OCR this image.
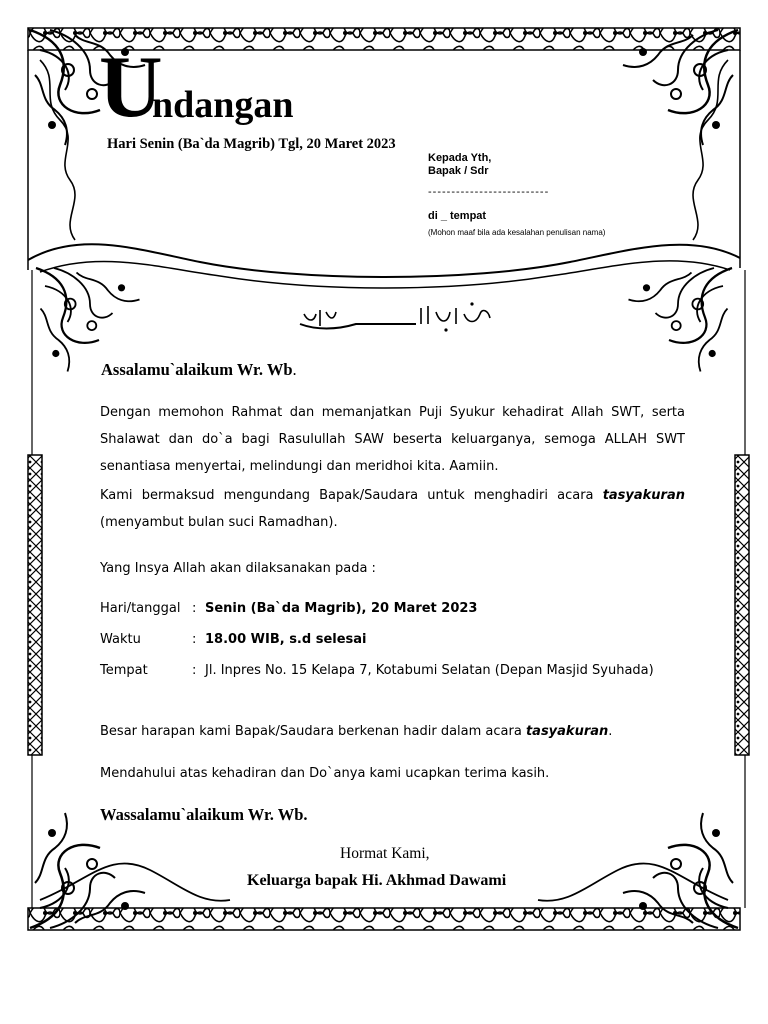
U
ndangan
Hari Senin (Ba`da Magrib) Tgl, 20 Maret 2023
Kepada Yth,
Bapak / Sdr
--------------------------
di _ tempat
(Mohon maaf bila ada kesalahan penulisan nama)
Assalamu`alaikum Wr. Wb.
Dengan memohon Rahmat dan memanjatkan Puji Syukur kehadirat Allah SWT, serta Shalawat dan do`a bagi Rasulullah SAW beserta keluarganya, semoga ALLAH SWT senantiasa menyertai, melindungi dan meridhoi kita. Aamiin.
Kami bermaksud mengundang Bapak/Saudara untuk menghadiri acara tasyakuran (menyambut bulan suci Ramadhan).
Yang Insya Allah akan dilaksanakan pada :
Hari/tanggal : Senin (Ba`da Magrib), 20 Maret 2023
Waktu	: 18.00 WIB, s.d selesai
Tempat	: Jl. Inpres No. 15 Kelapa 7, Kotabumi Selatan (Depan Masjid Syuhada)
Besar harapan kami Bapak/Saudara berkenan hadir dalam acara tasyakuran.
Mendahului atas kehadiran dan Do`anya kami ucapkan terima kasih.
Wassalamu`alaikum Wr. Wb.
Hormat Kami,
Keluarga bapak Hi. Akhmad Dawami
